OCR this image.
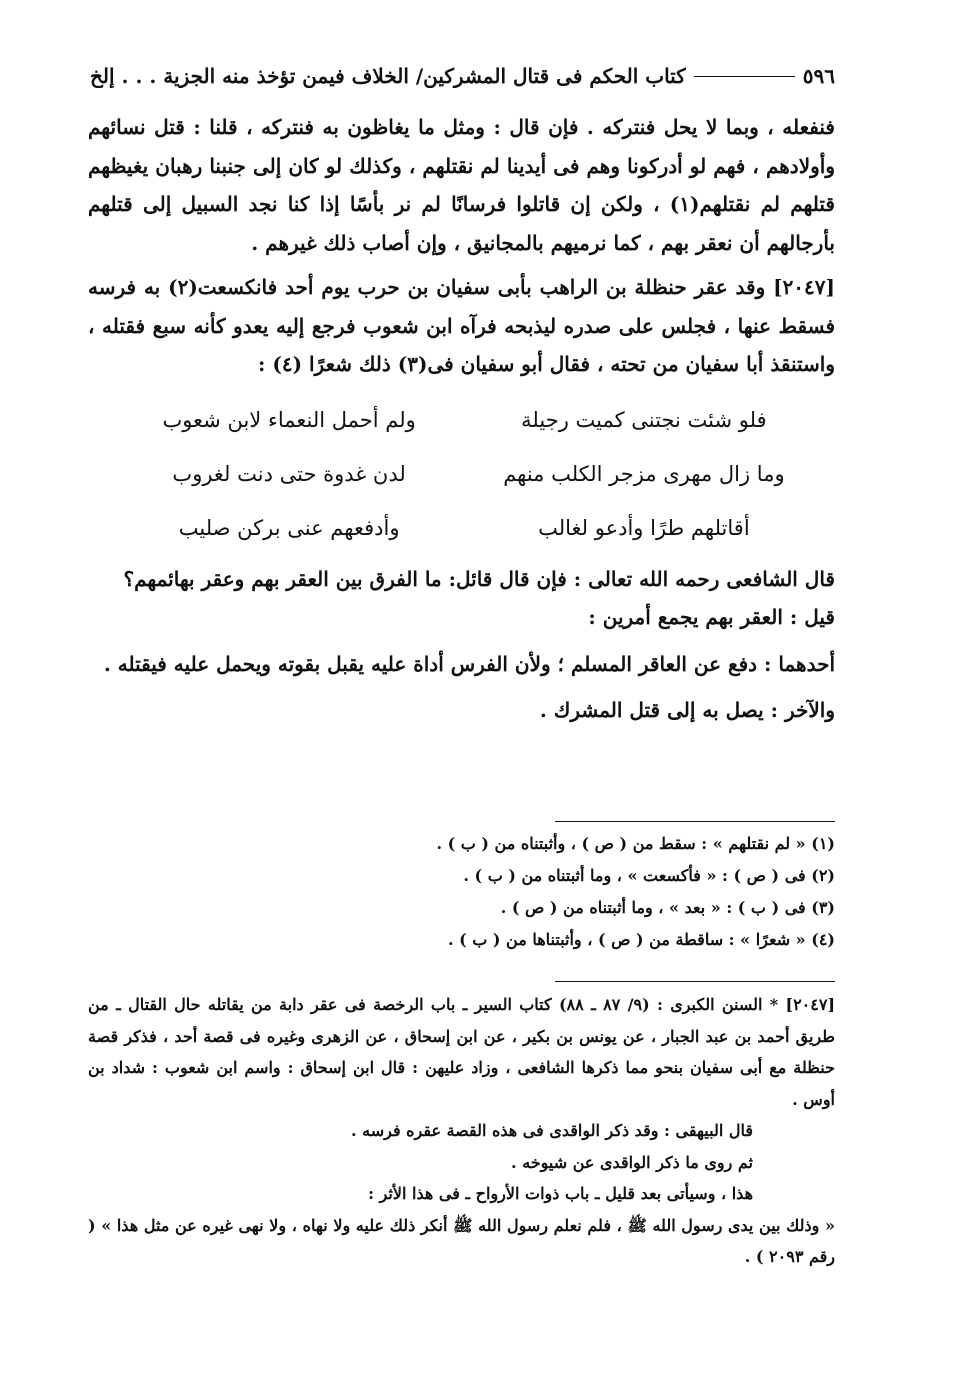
٥٩٦
كتاب الحكم فى قتال المشركين/ الخلاف فيمن تؤخذ منه الجزية . . . إلخ

فنفعله ، وبما لا يحل فنتركه . فإن قال : ومثل ما يغاظون به فنتركه ، قلنا : قتل نسائهم وأولادهم ، فهم لو أدركونا وهم فى أيدينا لم نقتلهم ، وكذلك لو كان إلى جنبنا رهبان يغيظهم قتلهم لم نقتلهم(١) ، ولكن إن قاتلوا فرسانًا لم نر بأسًا إذا كنا نجد السبيل إلى قتلهم بأرجالهم أن نعقر بهم ، كما نرميهم بالمجانيق ، وإن أصاب ذلك غيرهم .

[٢٠٤٧] وقد عقر حنظلة بن الراهب بأبى سفيان بن حرب يوم أحد فانكسعت(٢) به فرسه فسقط عنها ، فجلس على صدره ليذبحه فرآه ابن شعوب فرجع إليه يعدو كأنه سبع فقتله ، واستنقذ أبا سفيان من تحته ، فقال أبو سفيان فى(٣) ذلك شعرًا (٤) :

فلو شئت نجتنى كميت رجيلة
ولم أحمل النعماء لابن شعوب
وما زال مهرى مزجر الكلب منهم
لدن غدوة حتى دنت لغروب
أقاتلهم طرًا وأدعو لغالب
وأدفعهم عنى بركن صليب

قال الشافعى رحمه الله تعالى : فإن قال قائل: ما الفرق بين العقر بهم وعقر بهائمهم؟

قيل : العقر بهم يجمع أمرين :

أحدهما : دفع عن العاقر المسلم ؛ ولأن الفرس أداة عليه يقبل بقوته ويحمل عليه فيقتله .

والآخر : يصل به إلى قتل المشرك .

(١) « لم نقتلهم » : سقط من ( ص ) ، وأثبتناه من ( ب ) .
(٢) فى ( ص ) : « فأكسعت » ، وما أثبتناه من ( ب ) .
(٣) فى ( ب ) : « بعد » ، وما أثبتناه من ( ص ) .
(٤) « شعرًا » : ساقطة من ( ص ) ، وأثبتناها من ( ب ) .

[٢٠٤٧] * السنن الكبرى : (٩/ ٨٧ ـ ٨٨) كتاب السير ـ باب الرخصة فى عقر دابة من يقاتله حال القتال ـ من طريق أحمد بن عبد الجبار ، عن يونس بن بكير ، عن ابن إسحاق ، عن الزهرى وغيره فى قصة أحد ، فذكر قصة حنظلة مع أبى سفيان بنحو مما ذكرها الشافعى ، وزاد عليهن : قال ابن إسحاق : واسم ابن شعوب : شداد بن أوس .

قال البيهقى : وقد ذكر الواقدى فى هذه القصة عقره فرسه .

ثم روى ما ذكر الواقدى عن شيوخه .

هذا ، وسيأتى بعد قليل ـ باب ذوات الأرواح ـ فى هذا الأثر :

« وذلك بين يدى رسول الله ﷺ ، فلم نعلم رسول الله ﷺ أنكر ذلك عليه ولا نهاه ، ولا نهى غيره عن مثل هذا » ( رقم ٢٠٩٣ ) .
